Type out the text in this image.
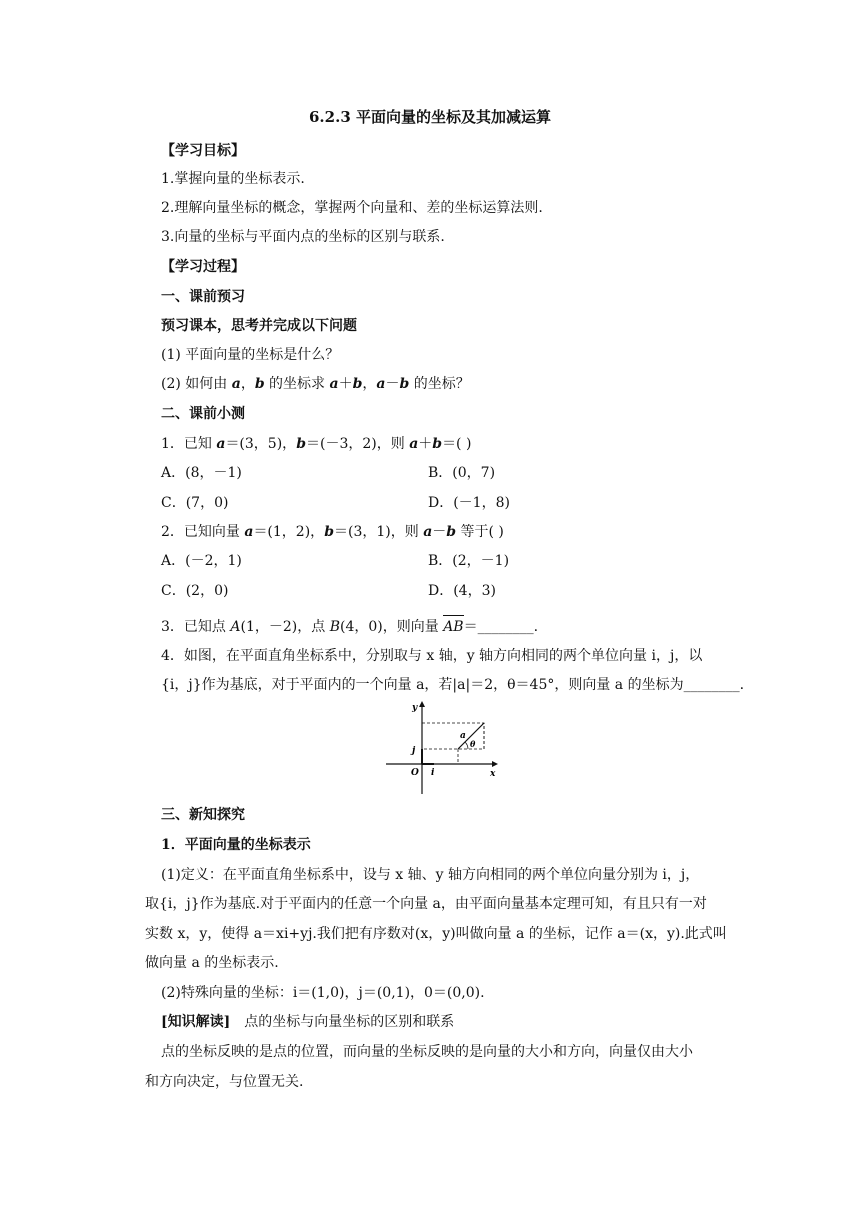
6.2.3 平面向量的坐标及其加减运算
【学习目标】
1.掌握向量的坐标表示.
2.理解向量坐标的概念，掌握两个向量和、差的坐标运算法则.
3.向量的坐标与平面内点的坐标的区别与联系.
【学习过程】
一、课前预习
预习课本，思考并完成以下问题
(1) 平面向量的坐标是什么？
(2) 如何由 a，b 的坐标求 a＋b，a－b 的坐标？
二、课前小测
1．已知 a＝(3，5)，b＝(－3，2)，则 a＋b＝( )
A．(8，－1)	B．(0，7)
C．(7，0)	D．(－1，8)
2．已知向量 a＝(1，2)，b＝(3，1)，则 a－b 等于( )
A．(－2，1)	B．(2，－1)
C．(2，0)	D．(4，3)
3．已知点 A(1，－2)，点 B(4，0)，则向量
AB＝________.
4．如图，在平面直角坐标系中，分别取与 x 轴，y 轴方向相同的两个单位向量 i，j，以
{i，j}作为基底，对于平面内的一个向量 a，若|a|＝2，θ＝45°，则向量 a 的坐标为________.
y
x
O i
j
a
θ
三、新知探究
1．平面向量的坐标表示
(1)定义：在平面直角坐标系中，设与 x 轴、y 轴方向相同的两个单位向量分别为 i，j，
取{i，j}作为基底.对于平面内的任意一个向量 a，由平面向量基本定理可知，有且只有一对
实数 x，y，使得 a＝xi+yj.我们把有序数对(x，y)叫做向量 a 的坐标，记作 a＝(x，y).此式叫
做向量 a 的坐标表示.
(2)特殊向量的坐标：i＝(1,0)，j＝(0,1)，0＝(0,0).
[知识解读] 点的坐标与向量坐标的区别和联系
点的坐标反映的是点的位置，而向量的坐标反映的是向量的大小和方向，向量仅由大小
和方向决定，与位置无关.
